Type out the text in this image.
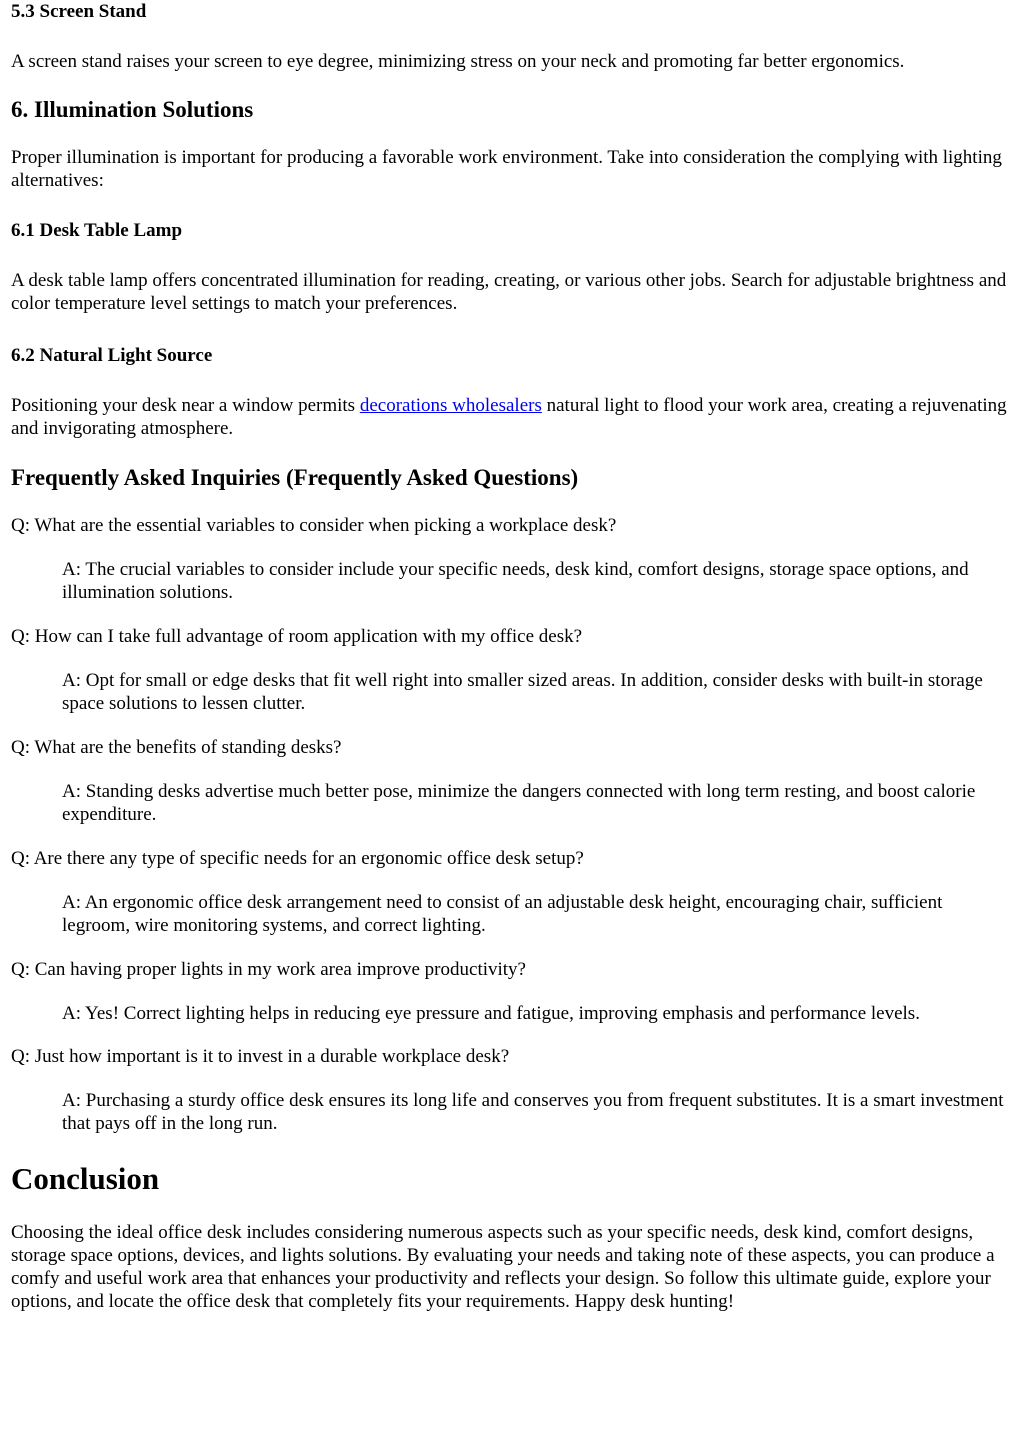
5.3 Screen Stand

A screen stand raises your screen to eye degree, minimizing stress on your neck and promoting far better ergonomics.

6. Illumination Solutions

Proper illumination is important for producing a favorable work environment. Take into consideration the complying with lighting alternatives:

6.1 Desk Table Lamp

A desk table lamp offers concentrated illumination for reading, creating, or various other jobs. Search for adjustable brightness and color temperature level settings to match your preferences.

6.2 Natural Light Source

Positioning your desk near a window permits decorations wholesalers natural light to flood your work area, creating a rejuvenating and invigorating atmosphere.

Frequently Asked Inquiries (Frequently Asked Questions)

Q: What are the essential variables to consider when picking a workplace desk?

A: The crucial variables to consider include your specific needs, desk kind, comfort designs, storage space options, and illumination solutions.

Q: How can I take full advantage of room application with my office desk?

A: Opt for small or edge desks that fit well right into smaller sized areas. In addition, consider desks with built-in storage space solutions to lessen clutter.

Q: What are the benefits of standing desks?

A: Standing desks advertise much better pose, minimize the dangers connected with long term resting, and boost calorie expenditure.

Q: Are there any type of specific needs for an ergonomic office desk setup?

A: An ergonomic office desk arrangement need to consist of an adjustable desk height, encouraging chair, sufficient legroom, wire monitoring systems, and correct lighting.

Q: Can having proper lights in my work area improve productivity?

A: Yes! Correct lighting helps in reducing eye pressure and fatigue, improving emphasis and performance levels.

Q: Just how important is it to invest in a durable workplace desk?

A: Purchasing a sturdy office desk ensures its long life and conserves you from frequent substitutes. It is a smart investment that pays off in the long run.

Conclusion

Choosing the ideal office desk includes considering numerous aspects such as your specific needs, desk kind, comfort designs, storage space options, devices, and lights solutions. By evaluating your needs and taking note of these aspects, you can produce a comfy and useful work area that enhances your productivity and reflects your design. So follow this ultimate guide, explore your options, and locate the office desk that completely fits your requirements. Happy desk hunting!
